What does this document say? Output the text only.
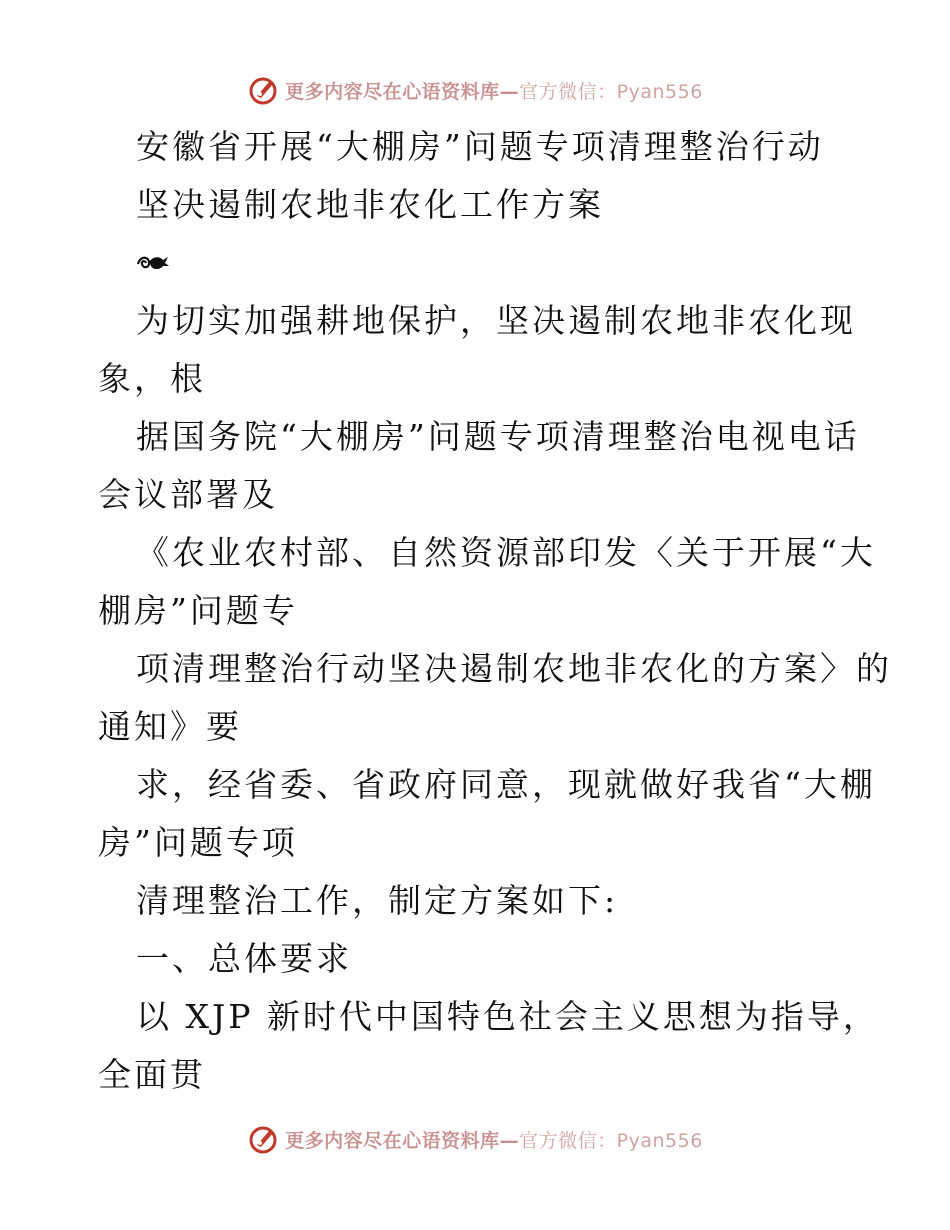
更多内容尽在心语资料库—官方微信：Pyan556
安徽省开展“大棚房”问题专项清理整治行动
坚决遏制农地非农化工作方案
为切实加强耕地保护，坚决遏制农地非农化现
象，根
据国务院“大棚房”问题专项清理整治电视电话
会议部署及
《农业农村部、自然资源部印发〈关于开展“大
棚房”问题专
项清理整治行动坚决遏制农地非农化的方案〉的
通知》要
求，经省委、省政府同意，现就做好我省“大棚
房”问题专项
清理整治工作，制定方案如下:
一、总体要求
以 XJP 新时代中国特色社会主义思想为指导，
全面贯
更多内容尽在心语资料库—官方微信：Pyan556
